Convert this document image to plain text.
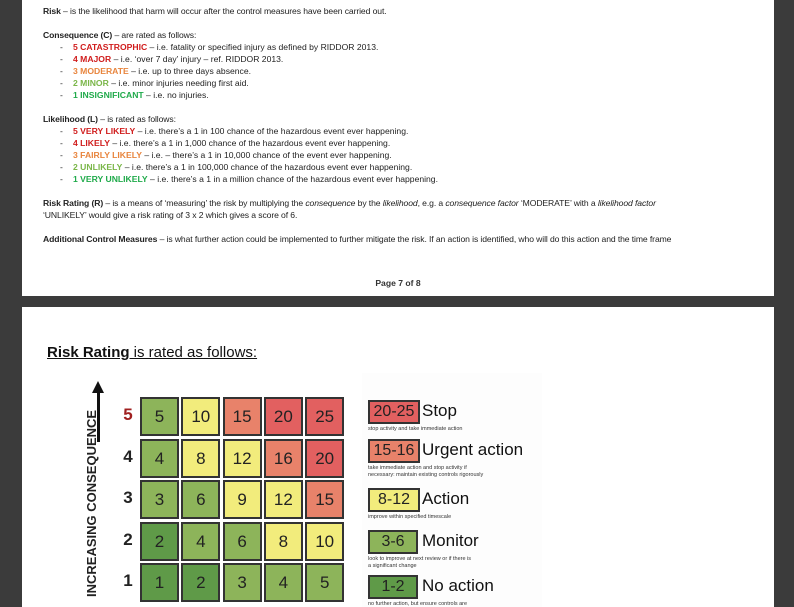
Risk – is the likelihood that harm will occur after the control measures have been carried out.
Consequence (C) – are rated as follows:
- 5 CATASTROPHIC – i.e. fatality or specified injury as defined by RIDDOR 2013.
- 4 MAJOR – i.e. ‘over 7 day’ injury – ref. RIDDOR 2013.
- 3 MODERATE – i.e. up to three days absence.
- 2 MINOR – i.e. minor injuries needing first aid.
- 1 INSIGNIFICANT – i.e. no injuries.
Likelihood (L) – is rated as follows:
- 5 VERY LIKELY – i.e. there’s a 1 in 100 chance of the hazardous event ever happening.
- 4 LIKELY – i.e. there’s a 1 in 1,000 chance of the hazardous event ever happening.
- 3 FAIRLY LIKELY – i.e. – there’s a 1 in 10,000 chance of the event ever happening.
- 2 UNLIKELY – i.e. there’s a 1 in 100,000 chance of the hazardous event ever happening.
- 1 VERY UNLIKELY – i.e. there’s a 1 in a million chance of the hazardous event ever happening.
Risk Rating (R) – is a means of ‘measuring’ the risk by multiplying the consequence by the likelihood, e.g. a consequence factor ‘MODERATE’ with a likelihood factor
‘UNLIKELY’ would give a risk rating of 3 x 2 which gives a score of 6.
Additional Control Measures – is what further action could be implemented to further mitigate the risk. If an action is identified, who will do this action and the time frame
Page 7 of 8
Risk Rating is rated as follows:
INCREASING CONSEQUENCE 5	5	10	15	20	25
4	4	8	12	16	20
3	3	6	9	12	15
2	2	4	6	8	10
1	1	2	3	4	5
20-25 Stop
stop activity and take immediate action
15-16 Urgent action
take immediate action and stop activity if
necessary: maintain existing controls rigorously
8-12 Action
improve within specified timescale
3-6	Monitor
look to improve at next review or if there is
a significant change
1-2	No action
no further action, but ensure controls are
